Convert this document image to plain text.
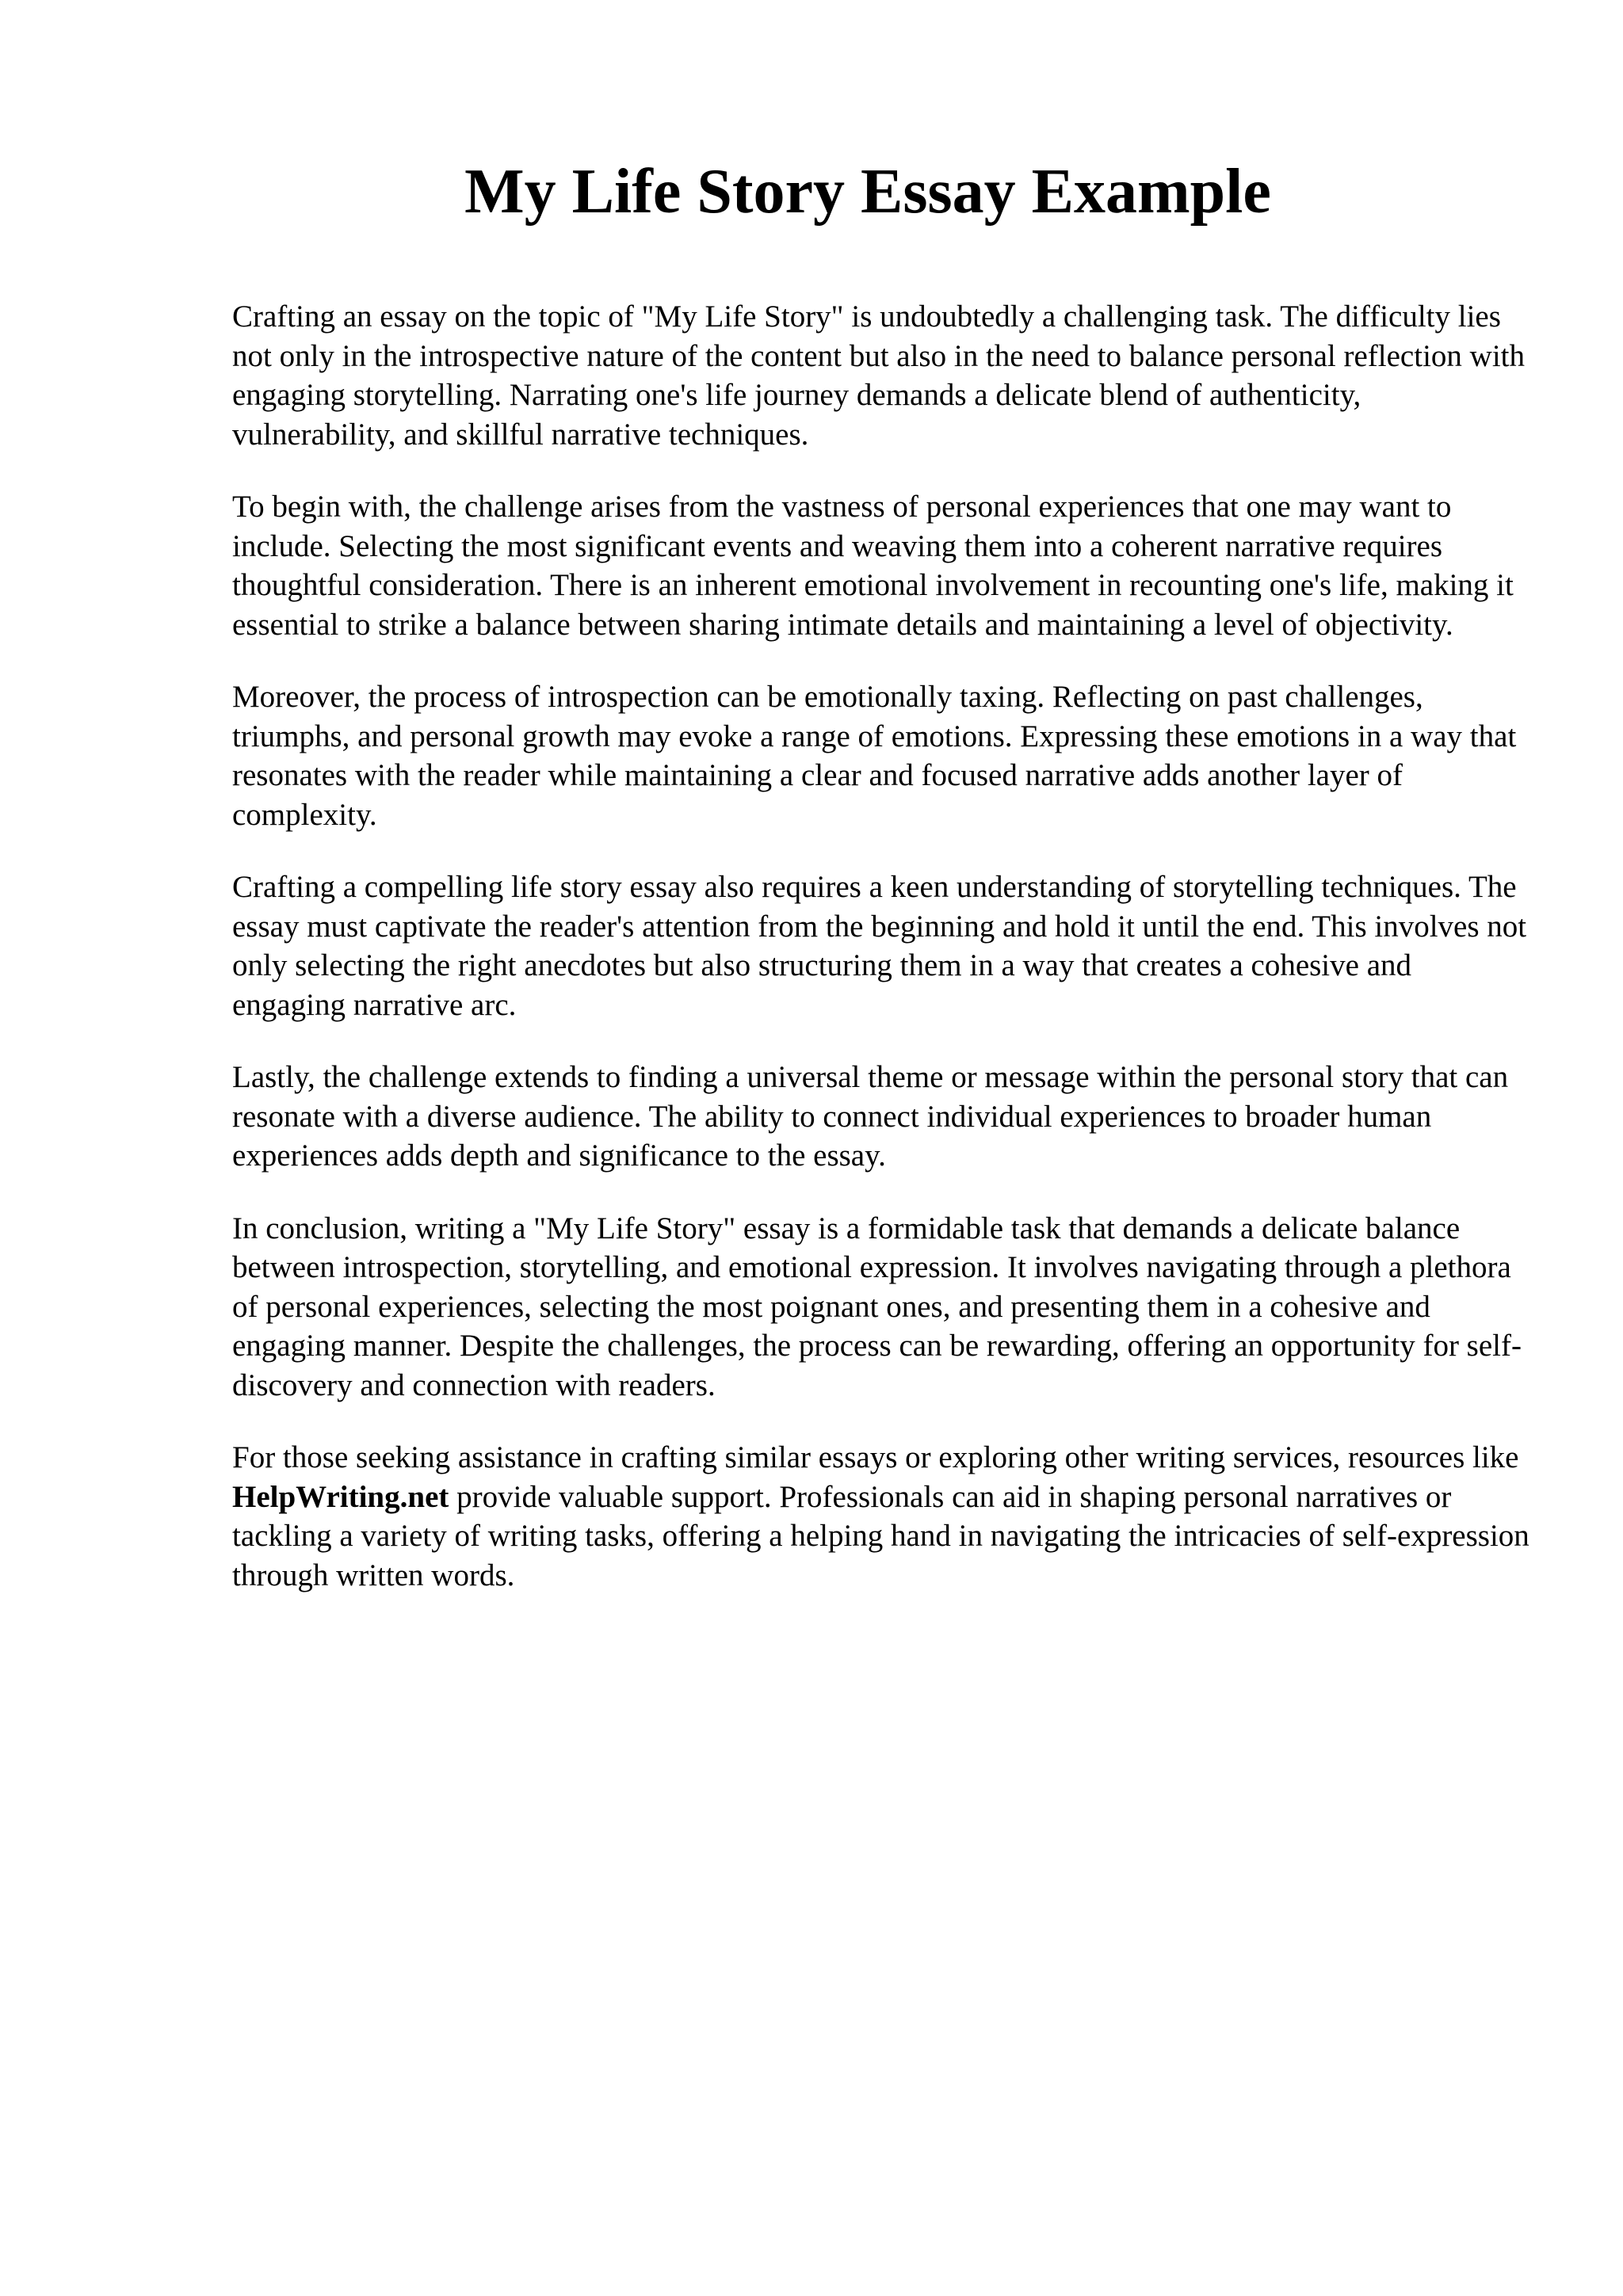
My Life Story Essay Example

Crafting an essay on the topic of "My Life Story" is undoubtedly a challenging task. The difficulty lies not only in the introspective nature of the content but also in the need to balance personal reflection with engaging storytelling. Narrating one's life journey demands a delicate blend of authenticity, vulnerability, and skillful narrative techniques.

To begin with, the challenge arises from the vastness of personal experiences that one may want to include. Selecting the most significant events and weaving them into a coherent narrative requires thoughtful consideration. There is an inherent emotional involvement in recounting one's life, making it essential to strike a balance between sharing intimate details and maintaining a level of objectivity.

Moreover, the process of introspection can be emotionally taxing. Reflecting on past challenges, triumphs, and personal growth may evoke a range of emotions. Expressing these emotions in a way that resonates with the reader while maintaining a clear and focused narrative adds another layer of complexity.

Crafting a compelling life story essay also requires a keen understanding of storytelling techniques. The essay must captivate the reader's attention from the beginning and hold it until the end. This involves not only selecting the right anecdotes but also structuring them in a way that creates a cohesive and engaging narrative arc.

Lastly, the challenge extends to finding a universal theme or message within the personal story that can resonate with a diverse audience. The ability to connect individual experiences to broader human experiences adds depth and significance to the essay.

In conclusion, writing a "My Life Story" essay is a formidable task that demands a delicate balance between introspection, storytelling, and emotional expression. It involves navigating through a plethora of personal experiences, selecting the most poignant ones, and presenting them in a cohesive and engaging manner. Despite the challenges, the process can be rewarding, offering an opportunity for self-discovery and connection with readers.

For those seeking assistance in crafting similar essays or exploring other writing services, resources like HelpWriting.net provide valuable support. Professionals can aid in shaping personal narratives or tackling a variety of writing tasks, offering a helping hand in navigating the intricacies of self-expression through written words.
